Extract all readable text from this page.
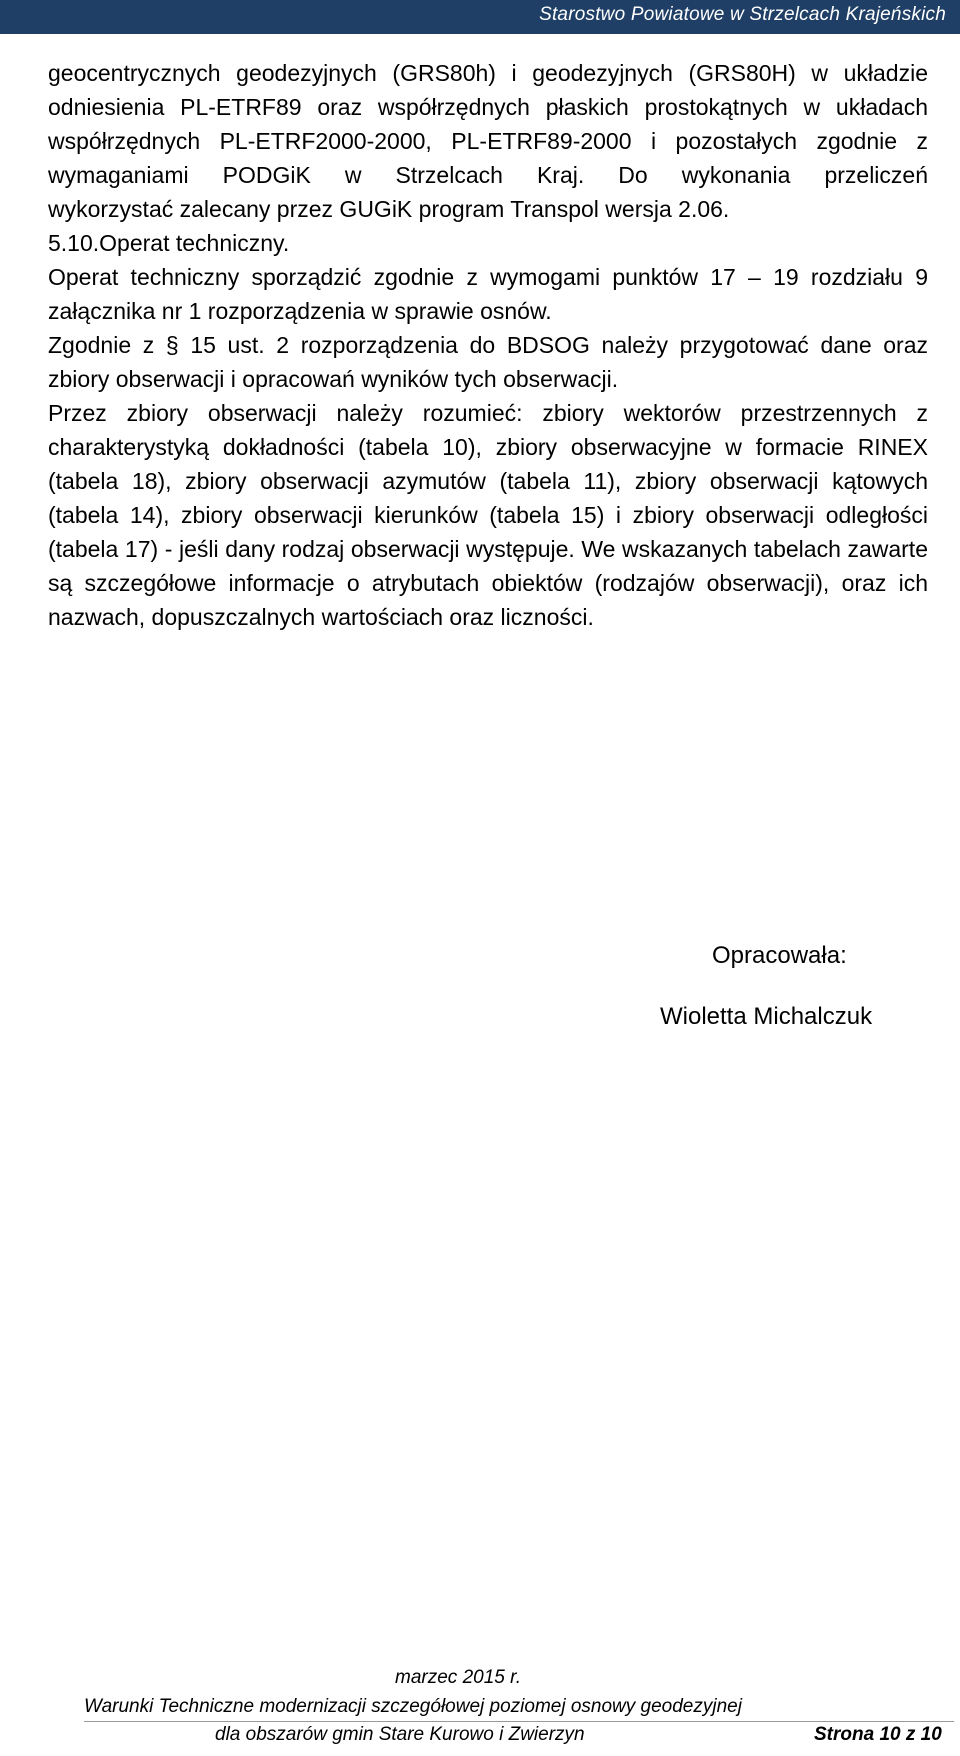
Starostwo Powiatowe w Strzelcach Krajeńskich

geocentrycznych geodezyjnych (GRS80h) i geodezyjnych (GRS80H) w układzie

odniesienia PL-ETRF89 oraz współrzędnych płaskich prostokątnych w układach

współrzędnych PL-ETRF2000-2000, PL-ETRF89-2000 i pozostałych zgodnie z

wymaganiami PODGiK w Strzelcach Kraj. Do wykonania przeliczeń

wykorzystać zalecany przez GUGiK program Transpol wersja 2.06.

5.10.Operat techniczny.

Operat techniczny sporządzić zgodnie z wymogami punktów 17 – 19 rozdziału 9 załącznika nr 1 rozporządzenia w sprawie osnów.

Zgodnie z § 15 ust. 2 rozporządzenia do BDSOG należy przygotować dane oraz zbiory obserwacji i opracowań wyników tych obserwacji.

Przez zbiory obserwacji należy rozumieć: zbiory wektorów przestrzennych z charakterystyką dokładności (tabela 10), zbiory obserwacyjne w formacie RINEX (tabela 18), zbiory obserwacji azymutów (tabela 11), zbiory obserwacji kątowych (tabela 14), zbiory obserwacji kierunków (tabela 15) i zbiory obserwacji odległości (tabela 17) - jeśli dany rodzaj obserwacji występuje. We wskazanych tabelach zawarte są szczegółowe informacje o atrybutach obiektów (rodzajów obserwacji), oraz ich nazwach, dopuszczalnych wartościach oraz liczności.

Opracowała:
Wioletta Michalczuk
marzec 2015 r.
Warunki Techniczne modernizacji szczegółowej poziomej osnowy geodezyjnej
dla obszarów gmin Stare Kurowo i Zwierzyn	Strona 10 z 10
